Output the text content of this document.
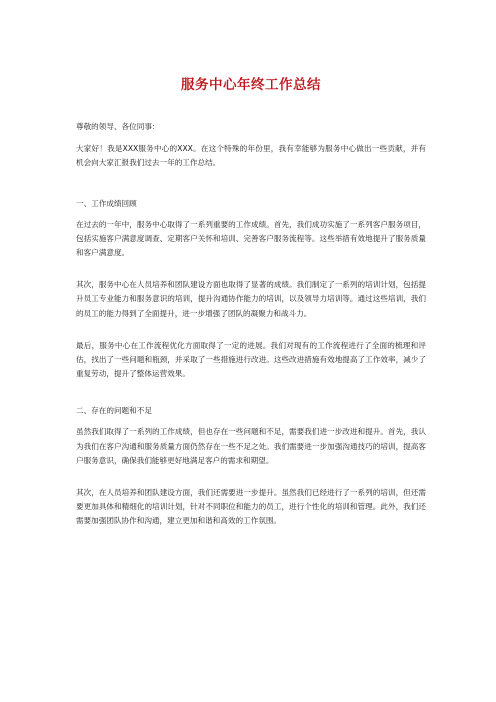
服务中心年终工作总结

尊敬的领导、各位同事：

大家好！我是XXX服务中心的XXX。在这个特殊的年份里，我有幸能够为服务中心做出一些贡献，并有机会向大家汇报我们过去一年的工作总结。

一、工作成绩回顾

在过去的一年中，服务中心取得了一系列重要的工作成绩。首先，我们成功实施了一系列客户服务项目，包括实施客户满意度调查、定期客户关怀和培训、完善客户服务流程等。这些举措有效地提升了服务质量和客户满意度。

其次，服务中心在人员培养和团队建设方面也取得了显著的成绩。我们制定了一系列的培训计划，包括提升员工专业能力和服务意识的培训，提升沟通协作能力的培训，以及领导力培训等。通过这些培训，我们的员工的能力得到了全面提升，进一步增强了团队的凝聚力和战斗力。

最后，服务中心在工作流程优化方面取得了一定的进展。我们对现有的工作流程进行了全面的梳理和评估，找出了一些问题和瓶颈，并采取了一些措施进行改进。这些改进措施有效地提高了工作效率，减少了重复劳动，提升了整体运营效果。

二、存在的问题和不足

虽然我们取得了一系列的工作成绩，但也存在一些问题和不足，需要我们进一步改进和提升。首先，我认为我们在客户沟通和服务质量方面仍然存在一些不足之处。我们需要进一步加强沟通技巧的培训，提高客户服务意识，确保我们能够更好地满足客户的需求和期望。

其次，在人员培养和团队建设方面，我们还需要进一步提升。虽然我们已经进行了一系列的培训，但还需要更加具体和精细化的培训计划，针对不同职位和能力的员工，进行个性化的培训和管理。此外，我们还需要加强团队协作和沟通，建立更加和谐和高效的工作氛围。
